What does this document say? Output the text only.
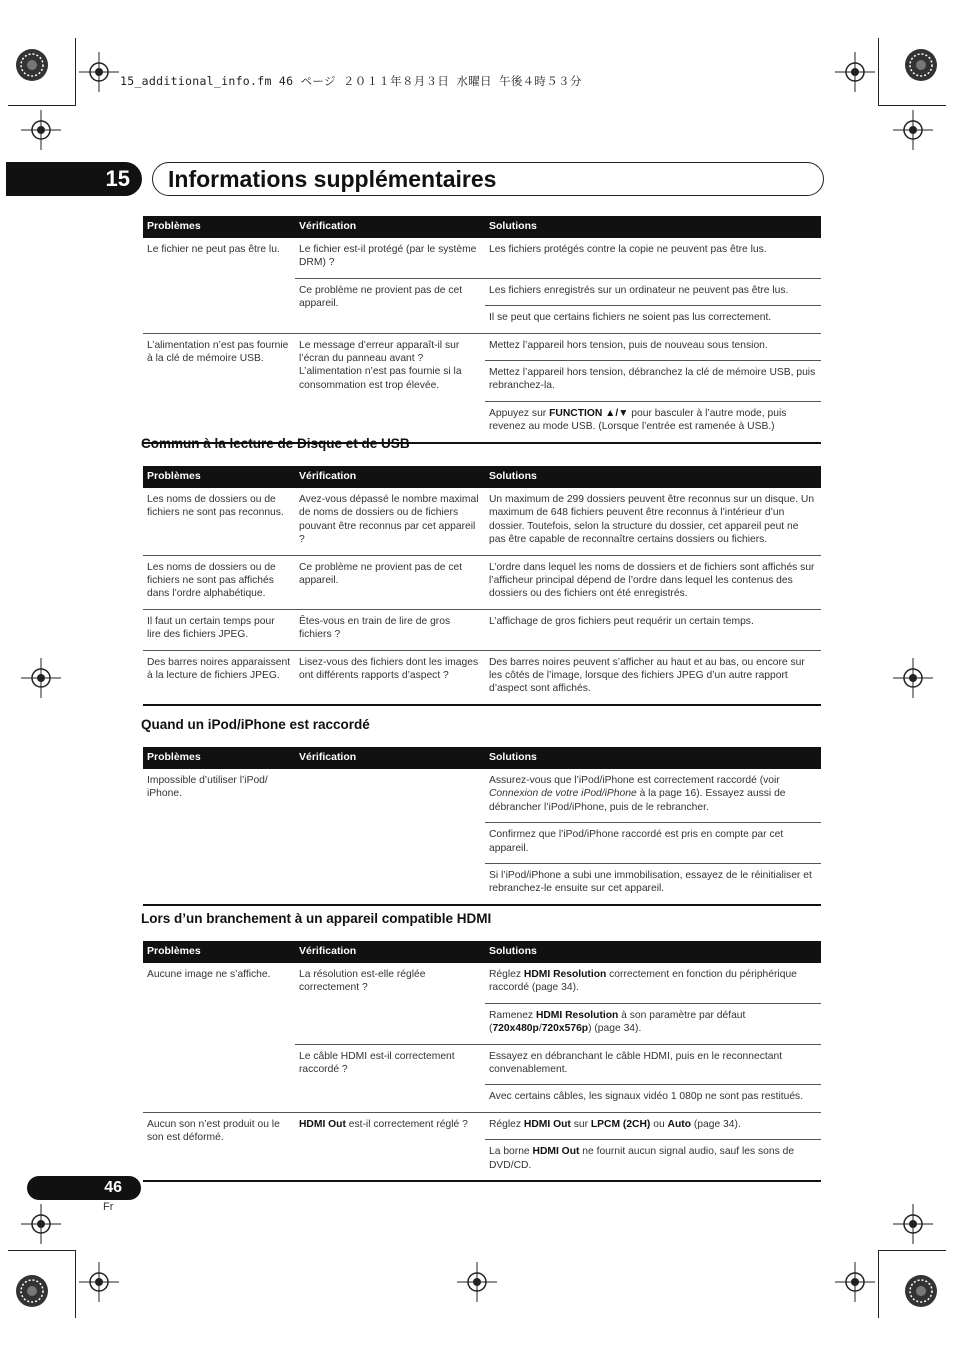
15_additional_info.fm 46 ページ ２０１１年８月３日 水曜日 午後４時５３分
15	Informations supplémentaires
Problèmes	Vérification	Solutions
Le fichier ne peut pas être lu.	Le fichier est-il protégé (par le système DRM) ?	Les fichiers protégés contre la copie ne peuvent pas être lus.
	Ce problème ne provient pas de cet appareil.	Les fichiers enregistrés sur un ordinateur ne peuvent pas être lus.
		Il se peut que certains fichiers ne soient pas lus correctement.
L’alimentation n’est pas fournie à la clé de mémoire USB.	Le message d’erreur apparaît-il sur l’écran du panneau avant ? L’alimentation n’est pas fournie si la consommation est trop élevée.	Mettez l’appareil hors tension, puis de nouveau sous tension.
		Mettez l’appareil hors tension, débranchez la clé de mémoire USB, puis rebranchez-la.
		Appuyez sur FUNCTION ▲/▼ pour basculer à l’autre mode, puis revenez au mode USB. (Lorsque l’entrée est ramenée à USB.)
Commun à la lecture de Disque et de USB
Problèmes	Vérification	Solutions
Les noms de dossiers ou de fichiers ne sont pas reconnus.	Avez-vous dépassé le nombre maximal de noms de dossiers ou de fichiers pouvant être reconnus par cet appareil ?	Un maximum de 299 dossiers peuvent être reconnus sur un disque. Un maximum de 648 fichiers peuvent être reconnus à l’intérieur d’un dossier. Toutefois, selon la structure du dossier, cet appareil peut ne pas être capable de reconnaître certains dossiers ou fichiers.
Les noms de dossiers ou de fichiers ne sont pas affichés dans l’ordre alphabétique.	Ce problème ne provient pas de cet appareil.	L’ordre dans lequel les noms de dossiers et de fichiers sont affichés sur l’afficheur principal dépend de l’ordre dans lequel les contenus des dossiers ou des fichiers ont été enregistrés.
Il faut un certain temps pour lire des fichiers JPEG.	Êtes-vous en train de lire de gros fichiers ?	L’affichage de gros fichiers peut requérir un certain temps.
Des barres noires apparaissent à la lecture de fichiers JPEG.	Lisez-vous des fichiers dont les images ont différents rapports d’aspect ?	Des barres noires peuvent s’afficher au haut et au bas, ou encore sur les côtés de l’image, lorsque des fichiers JPEG d’un autre rapport d’aspect sont affichés.
Quand un iPod/iPhone est raccordé
Problèmes	Vérification	Solutions
Impossible d’utiliser l’iPod/ iPhone.		Assurez-vous que l’iPod/iPhone est correctement raccordé (voir Connexion de votre iPod/iPhone à la page 16). Essayez aussi de débrancher l’iPod/iPhone, puis de le rebrancher.
		Confirmez que l’iPod/iPhone raccordé est pris en compte par cet appareil.
		Si l’iPod/iPhone a subi une immobilisation, essayez de le réinitialiser et rebranchez-le ensuite sur cet appareil.
Lors d’un branchement à un appareil compatible HDMI
Problèmes	Vérification	Solutions
Aucune image ne s’affiche.	La résolution est-elle réglée correctement ?	Réglez HDMI Resolution correctement en fonction du périphérique raccordé (page 34).
		Ramenez HDMI Resolution à son paramètre par défaut (720x480p/720x576p) (page 34).
	Le câble HDMI est-il correctement raccordé ?	Essayez en débranchant le câble HDMI, puis en le reconnectant convenablement.
		Avec certains câbles, les signaux vidéo 1 080p ne sont pas restitués.
Aucun son n’est produit ou le son est déformé.	HDMI Out est-il correctement réglé ?	Réglez HDMI Out sur LPCM (2CH) ou Auto (page 34).
		La borne HDMI Out ne fournit aucun signal audio, sauf les sons de DVD/CD.
46
Fr
